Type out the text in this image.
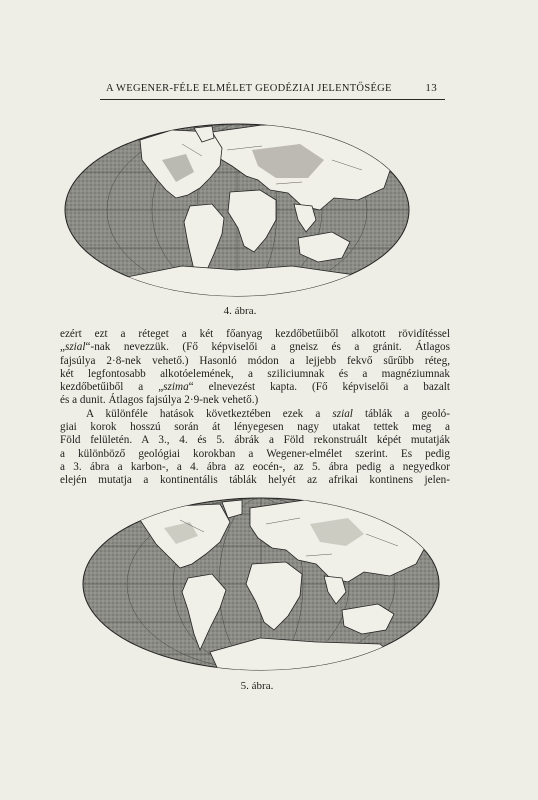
A WEGENER-FÉLE ELMÉLET GEODÉZIAI JELENTŐSÉGE	13
4. ábra.

ezért ezt a réteget a két főanyag kezdőbetűiből alkotott rövidítéssel

„szial“-nak nevezzük. (Fő képviselői a gneisz és a gránit. Átlagos

fajsúlya 2·8-nek vehető.) Hasonló módon a lejjebb fekvő sűrűbb réteg,

két legfontosabb alkotóelemének, a sziliciumnak és a magnéziumnak

kezdőbetűiből a „szima“ elnevezést kapta. (Fő képviselői a bazalt

és a dunit. Átlagos fajsúlya 2·9-nek vehető.)

A különféle hatások következtében ezek a szial táblák a geoló-

giai korok hosszú során át lényegesen nagy utakat tettek meg a

Föld felületén. A 3., 4. és 5. ábrák a Föld rekonstruált képét mutatják

a különböző geológiai korokban a Wegener-elmélet szerint. Es pedig

a 3. ábra a karbon-, a 4. ábra az eocén-, az 5. ábra pedig a negyedkor

elején mutatja a kontinentális táblák helyét az afrikai kontinens jelen-

5. ábra.
